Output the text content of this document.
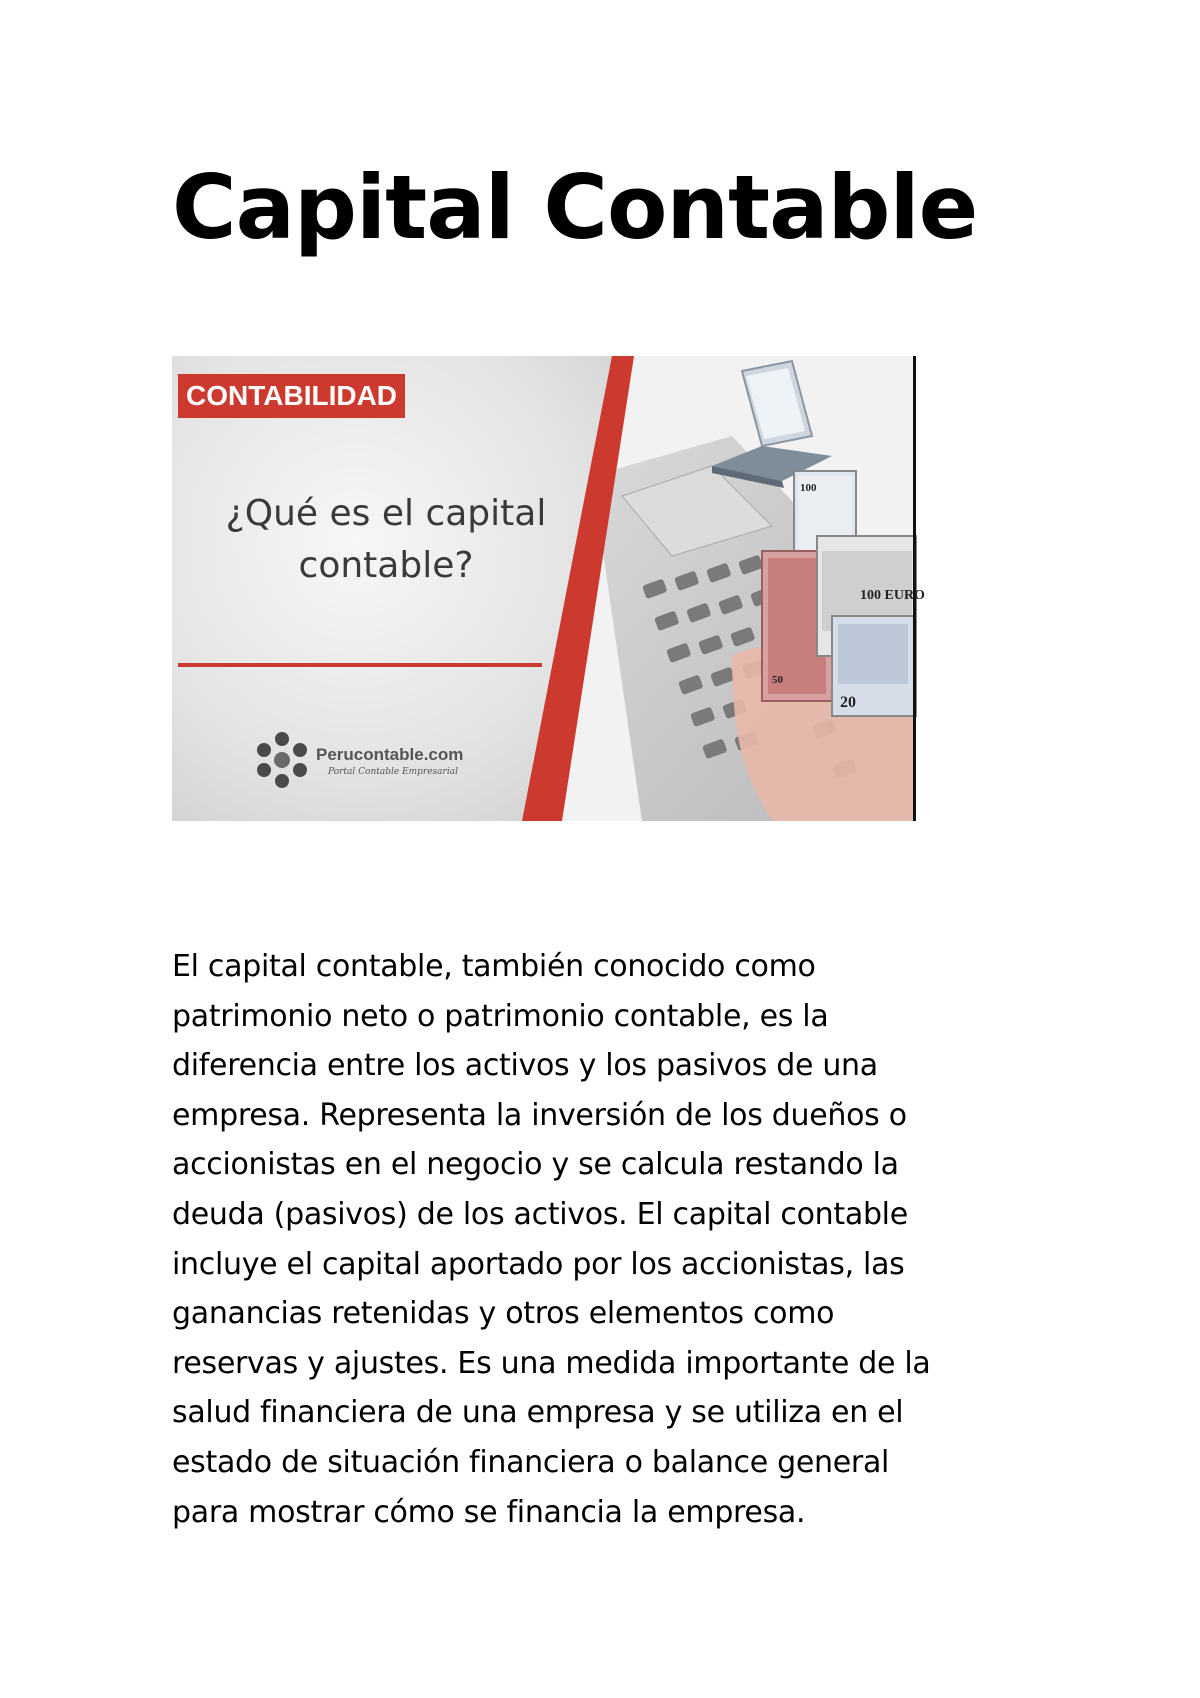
Capital Contable
CONTABILIDAD
¿Qué es el capital
contable?
Perucontable.com
Portal Contable Empresarial
100
100 EURO
50
20

El capital contable, también conocido como
patrimonio neto o patrimonio contable, es la
diferencia entre los activos y los pasivos de una
empresa. Representa la inversión de los dueños o
accionistas en el negocio y se calcula restando la
deuda (pasivos) de los activos. El capital contable
incluye el capital aportado por los accionistas, las
ganancias retenidas y otros elementos como
reservas y ajustes. Es una medida importante de la
salud financiera de una empresa y se utiliza en el
estado de situación financiera o balance general
para mostrar cómo se financia la empresa.
